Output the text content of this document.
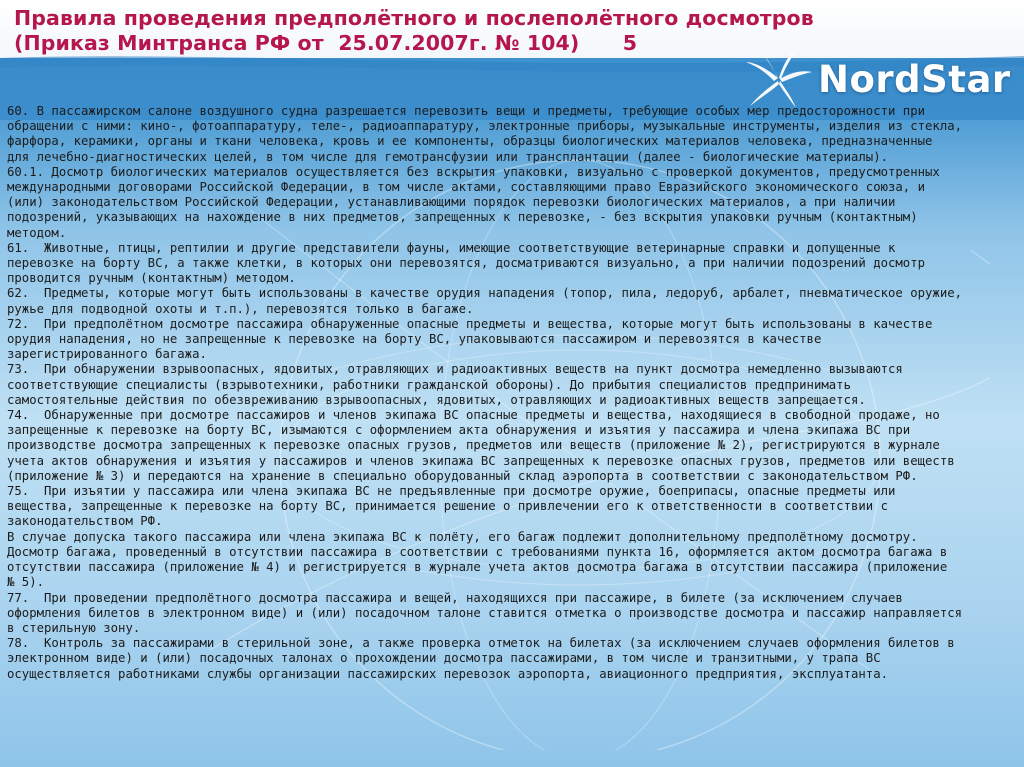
Правила проведения предполётного и послеполётного досмотров
(Приказ Минтранса РФ от  25.07.2007г. № 104)      5
NordStar

60. В пассажирском салоне воздушного судна разрешается перевозить вещи и предметы, требующие особых мер предосторожности при

обращении с ними: кино-, фотоаппаратуру, теле-, радиоаппаратуру, электронные приборы, музыкальные инструменты, изделия из стекла,

фарфора, керамики, органы и ткани человека, кровь и ее компоненты, образцы биологических материалов человека, предназначенные

для лечебно-диагностических целей, в том числе для гемотрансфузии или трансплантации (далее - биологические материалы).

60.1. Досмотр биологических материалов осуществляется без вскрытия упаковки, визуально с проверкой документов, предусмотренных

международными договорами Российской Федерации, в том числе актами, составляющими право Евразийского экономического союза, и

(или) законодательством Российской Федерации, устанавливающими порядок перевозки биологических материалов, а при наличии

подозрений, указывающих на нахождение в них предметов, запрещенных к перевозке, - без вскрытия упаковки ручным (контактным)

методом.

61.  Животные, птицы, рептилии и другие представители фауны, имеющие соответствующие ветеринарные справки и допущенные к

перевозке на борту ВС, а также клетки, в которых они перевозятся, досматриваются визуально, а при наличии подозрений досмотр

проводится ручным (контактным) методом.

62.  Предметы, которые могут быть использованы в качестве орудия нападения (топор, пила, ледоруб, арбалет, пневматическое оружие,

ружье для подводной охоты и т.п.), перевозятся только в багаже.

72.  При предполётном досмотре пассажира обнаруженные опасные предметы и вещества, которые могут быть использованы в качестве

орудия нападения, но не запрещенные к перевозке на борту ВС, упаковываются пассажиром и перевозятся в качестве

зарегистрированного багажа.

73.  При обнаружении взрывоопасных, ядовитых, отравляющих и радиоактивных веществ на пункт досмотра немедленно вызываются

соответствующие специалисты (взрывотехники, работники гражданской обороны). До прибытия специалистов предпринимать

самостоятельные действия по обезвреживанию взрывоопасных, ядовитых, отравляющих и радиоактивных веществ запрещается.

74.  Обнаруженные при досмотре пассажиров и членов экипажа ВС опасные предметы и вещества, находящиеся в свободной продаже, но

запрещенные к перевозке на борту ВС, изымаются с оформлением акта обнаружения и изъятия у пассажира и члена экипажа ВС при

производстве досмотра запрещенных к перевозке опасных грузов, предметов или веществ (приложение № 2), регистрируются в журнале

учета актов обнаружения и изъятия у пассажиров и членов экипажа ВС запрещенных к перевозке опасных грузов, предметов или веществ

(приложение № 3) и передаются на хранение в специально оборудованный склад аэропорта в соответствии с законодательством РФ.

75.  При изъятии у пассажира или члена экипажа ВС не предъявленные при досмотре оружие, боеприпасы, опасные предметы или

вещества, запрещенные к перевозке на борту ВС, принимается решение о привлечении его к ответственности в соответствии с

законодательством РФ.

В случае допуска такого пассажира или члена экипажа ВС к полёту, его багаж подлежит дополнительному предполётному досмотру.

Досмотр багажа, проведенный в отсутствии пассажира в соответствии с требованиями пункта 16, оформляется актом досмотра багажа в

отсутствии пассажира (приложение № 4) и регистрируется в журнале учета актов досмотра багажа в отсутствии пассажира (приложение

№ 5).

77.  При проведении предполётного досмотра пассажира и вещей, находящихся при пассажире, в билете (за исключением случаев

оформления билетов в электронном виде) и (или) посадочном талоне ставится отметка о производстве досмотра и пассажир направляется

в стерильную зону.

78.  Контроль за пассажирами в стерильной зоне, а также проверка отметок на билетах (за исключением случаев оформления билетов в

электронном виде) и (или) посадочных талонах о прохождении досмотра пассажирами, в том числе и транзитными, у трапа ВС

осуществляется работниками службы организации пассажирских перевозок аэропорта, авиационного предприятия, эксплуатанта.
